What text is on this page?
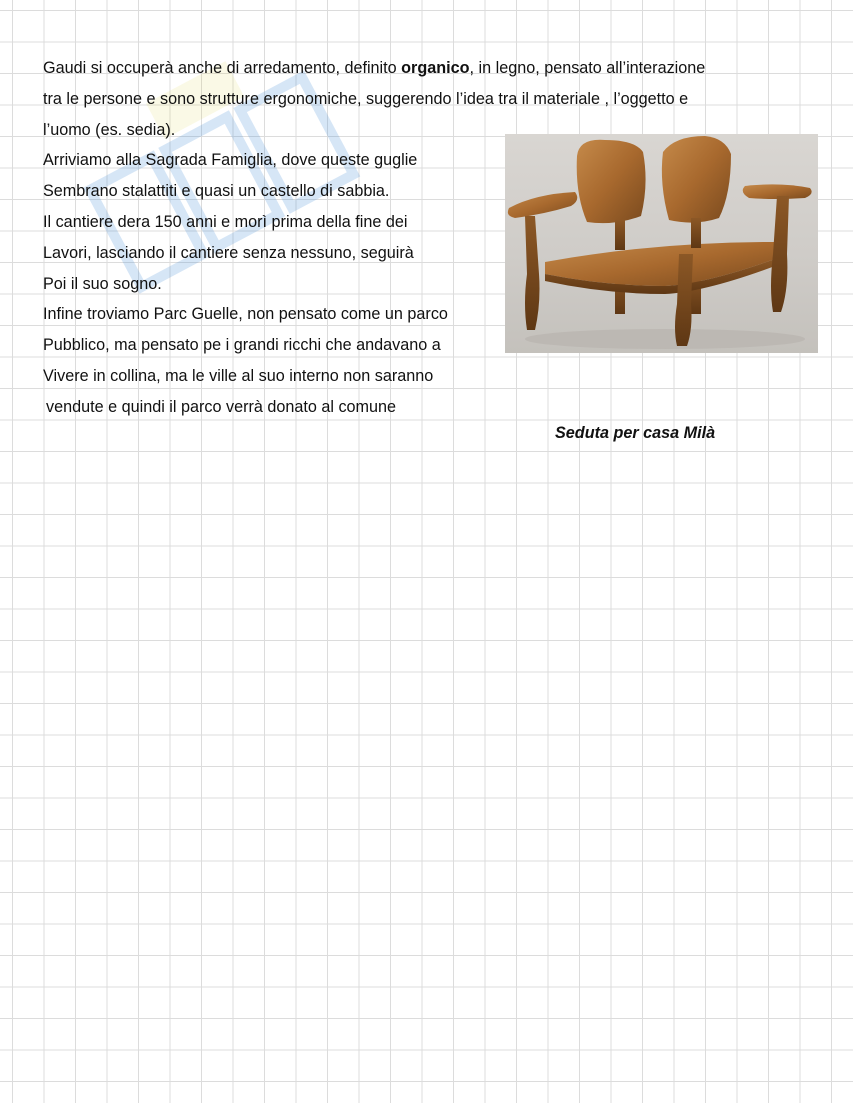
Gaudi si occuperà anche di arredamento, definito organico, in legno, pensato all’interazione
tra le persone e sono strutture ergonomiche, suggerendo l’idea tra il materiale , l’oggetto e
l’uomo (es. sedia).
Arriviamo alla Sagrada Famiglia, dove queste guglie
Sembrano stalattiti e quasi un castello di sabbia.
Il cantiere dera 150 anni e morì prima della fine dei
Lavori, lasciando il cantiere senza nessuno, seguirà
Poi il suo sogno.
Infine troviamo Parc Guelle, non pensato come un parco
Pubblico, ma pensato pe i grandi ricchi che andavano a
Vivere in collina, ma le ville al suo interno non saranno
vendute e quindi il parco verrà donato al comune
Seduta per casa Milà
